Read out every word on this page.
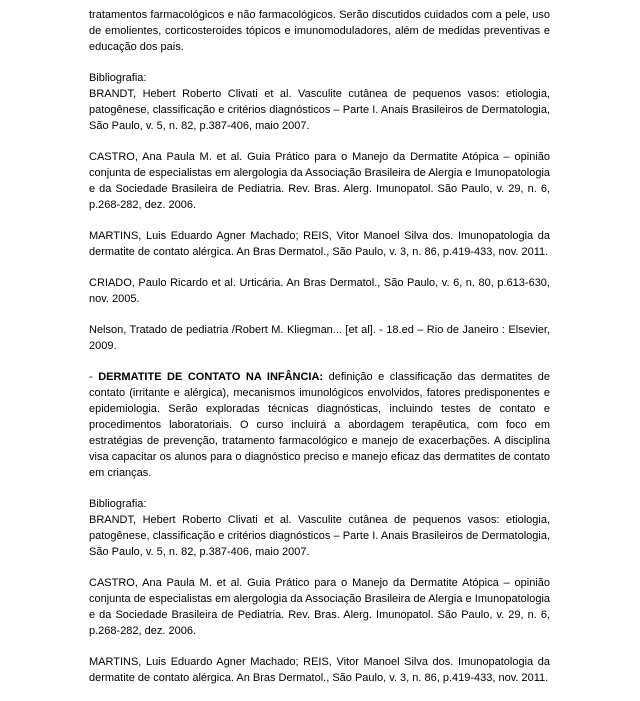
tratamentos farmacológicos e não farmacológicos. Serão discutidos cuidados com a pele, uso de emolientes, corticosteroides tópicos e imunomoduladores, além de medidas preventivas e educação dos pais.

Bibliografia:

BRANDT, Hebert Roberto Clivati et al. Vasculite cutânea de pequenos vasos: etiologia, patogênese, classificação e critérios diagnósticos – Parte I. Anais Brasileiros de Dermatologia, São Paulo, v. 5, n. 82, p.387-406, maio 2007.

CASTRO, Ana Paula M. et al. Guia Prático para o Manejo da Dermatite Atópica – opinião conjunta de especialistas em alergologia da Associação Brasileira de Alergia e Imunopatologia e da Sociedade Brasileira de Pediatria. Rev. Bras. Alerg. Imunopatol. São Paulo, v. 29, n. 6, p.268-282, dez. 2006.

MARTINS, Luis Eduardo Agner Machado; REIS, Vitor Manoel Silva dos. Imunopatologia da dermatite de contato alérgica. An Bras Dermatol., São Paulo, v. 3, n. 86, p.419-433, nov. 2011.

CRIADO, Paulo Ricardo et al. Urticária. An Bras Dermatol., São Paulo, v. 6, n. 80, p.613-630, nov. 2005.

Nelson, Tratado de pediatria /Robert M. Kliegman... [et al]. - 18.ed – Rio de Janeiro : Elsevier, 2009.

- DERMATITE DE CONTATO NA INFÂNCIA: definição e classificação das dermatites de contato (irritante e alérgica), mecanismos imunológicos envolvidos, fatores predisponentes e epidemiologia. Serão exploradas técnicas diagnósticas, incluindo testes de contato e procedimentos laboratoriais. O curso incluirá a abordagem terapêutica, com foco em estratégias de prevenção, tratamento farmacológico e manejo de exacerbações. A disciplina visa capacitar os alunos para o diagnóstico preciso e manejo eficaz das dermatites de contato em crianças.

Bibliografia:

BRANDT, Hebert Roberto Clivati et al. Vasculite cutânea de pequenos vasos: etiologia, patogênese, classificação e critérios diagnósticos – Parte I. Anais Brasileiros de Dermatologia, São Paulo, v. 5, n. 82, p.387-406, maio 2007.

CASTRO, Ana Paula M. et al. Guia Prático para o Manejo da Dermatite Atópica – opinião conjunta de especialistas em alergologia da Associação Brasileira de Alergia e Imunopatologia e da Sociedade Brasileira de Pediatria. Rev. Bras. Alerg. Imunopatol. São Paulo, v. 29, n. 6, p.268-282, dez. 2006.

MARTINS, Luis Eduardo Agner Machado; REIS, Vitor Manoel Silva dos. Imunopatologia da dermatite de contato alérgica. An Bras Dermatol., São Paulo, v. 3, n. 86, p.419-433, nov. 2011.
